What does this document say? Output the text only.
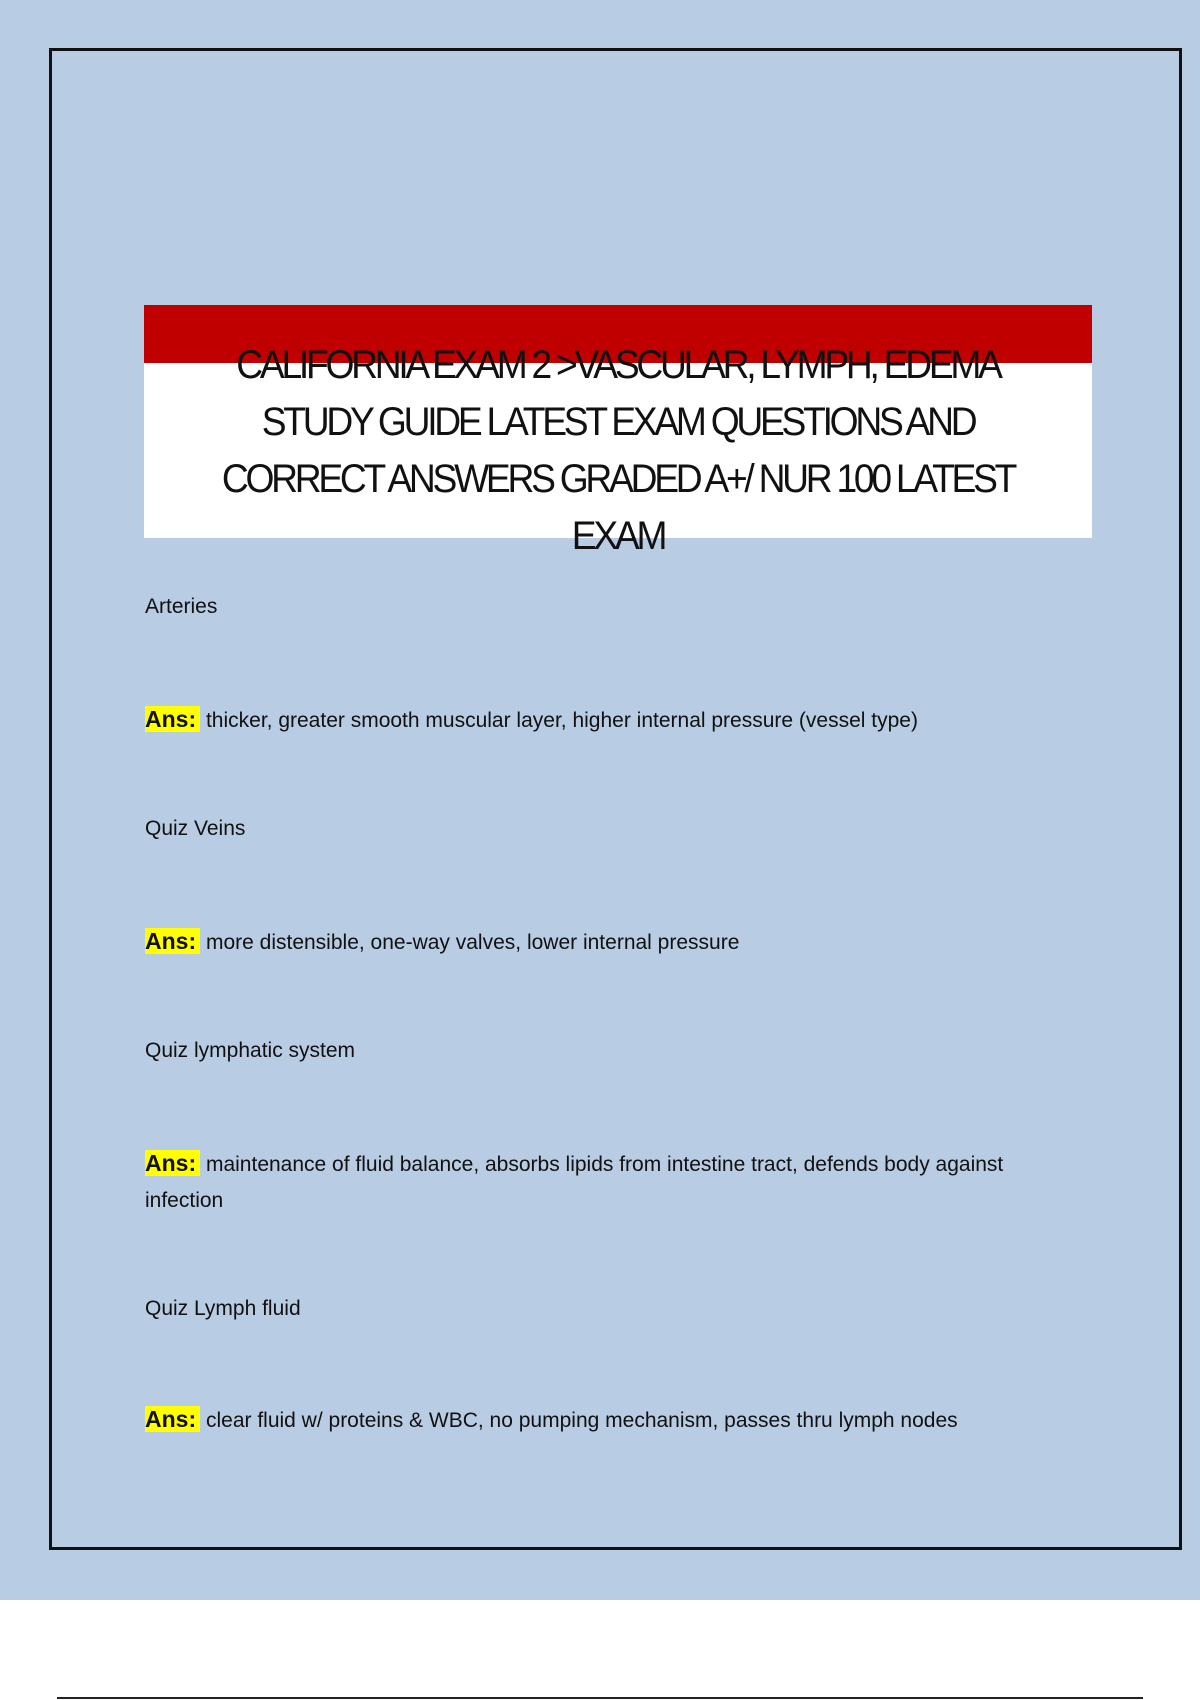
CALIFORNIA EXAM 2 >VASCULAR, LYMPH, EDEMA STUDY GUIDE LATEST EXAM QUESTIONS AND CORRECT ANSWERS GRADED A+/ NUR 100 LATEST EXAM
Arteries
Ans: thicker, greater smooth muscular layer, higher internal pressure (vessel type)
Quiz Veins
Ans: more distensible, one-way valves, lower internal pressure
Quiz lymphatic system
Ans: maintenance of fluid balance, absorbs lipids from intestine tract, defends body against infection
Quiz Lymph fluid
Ans: clear fluid w/ proteins & WBC, no pumping mechanism, passes thru lymph nodes
